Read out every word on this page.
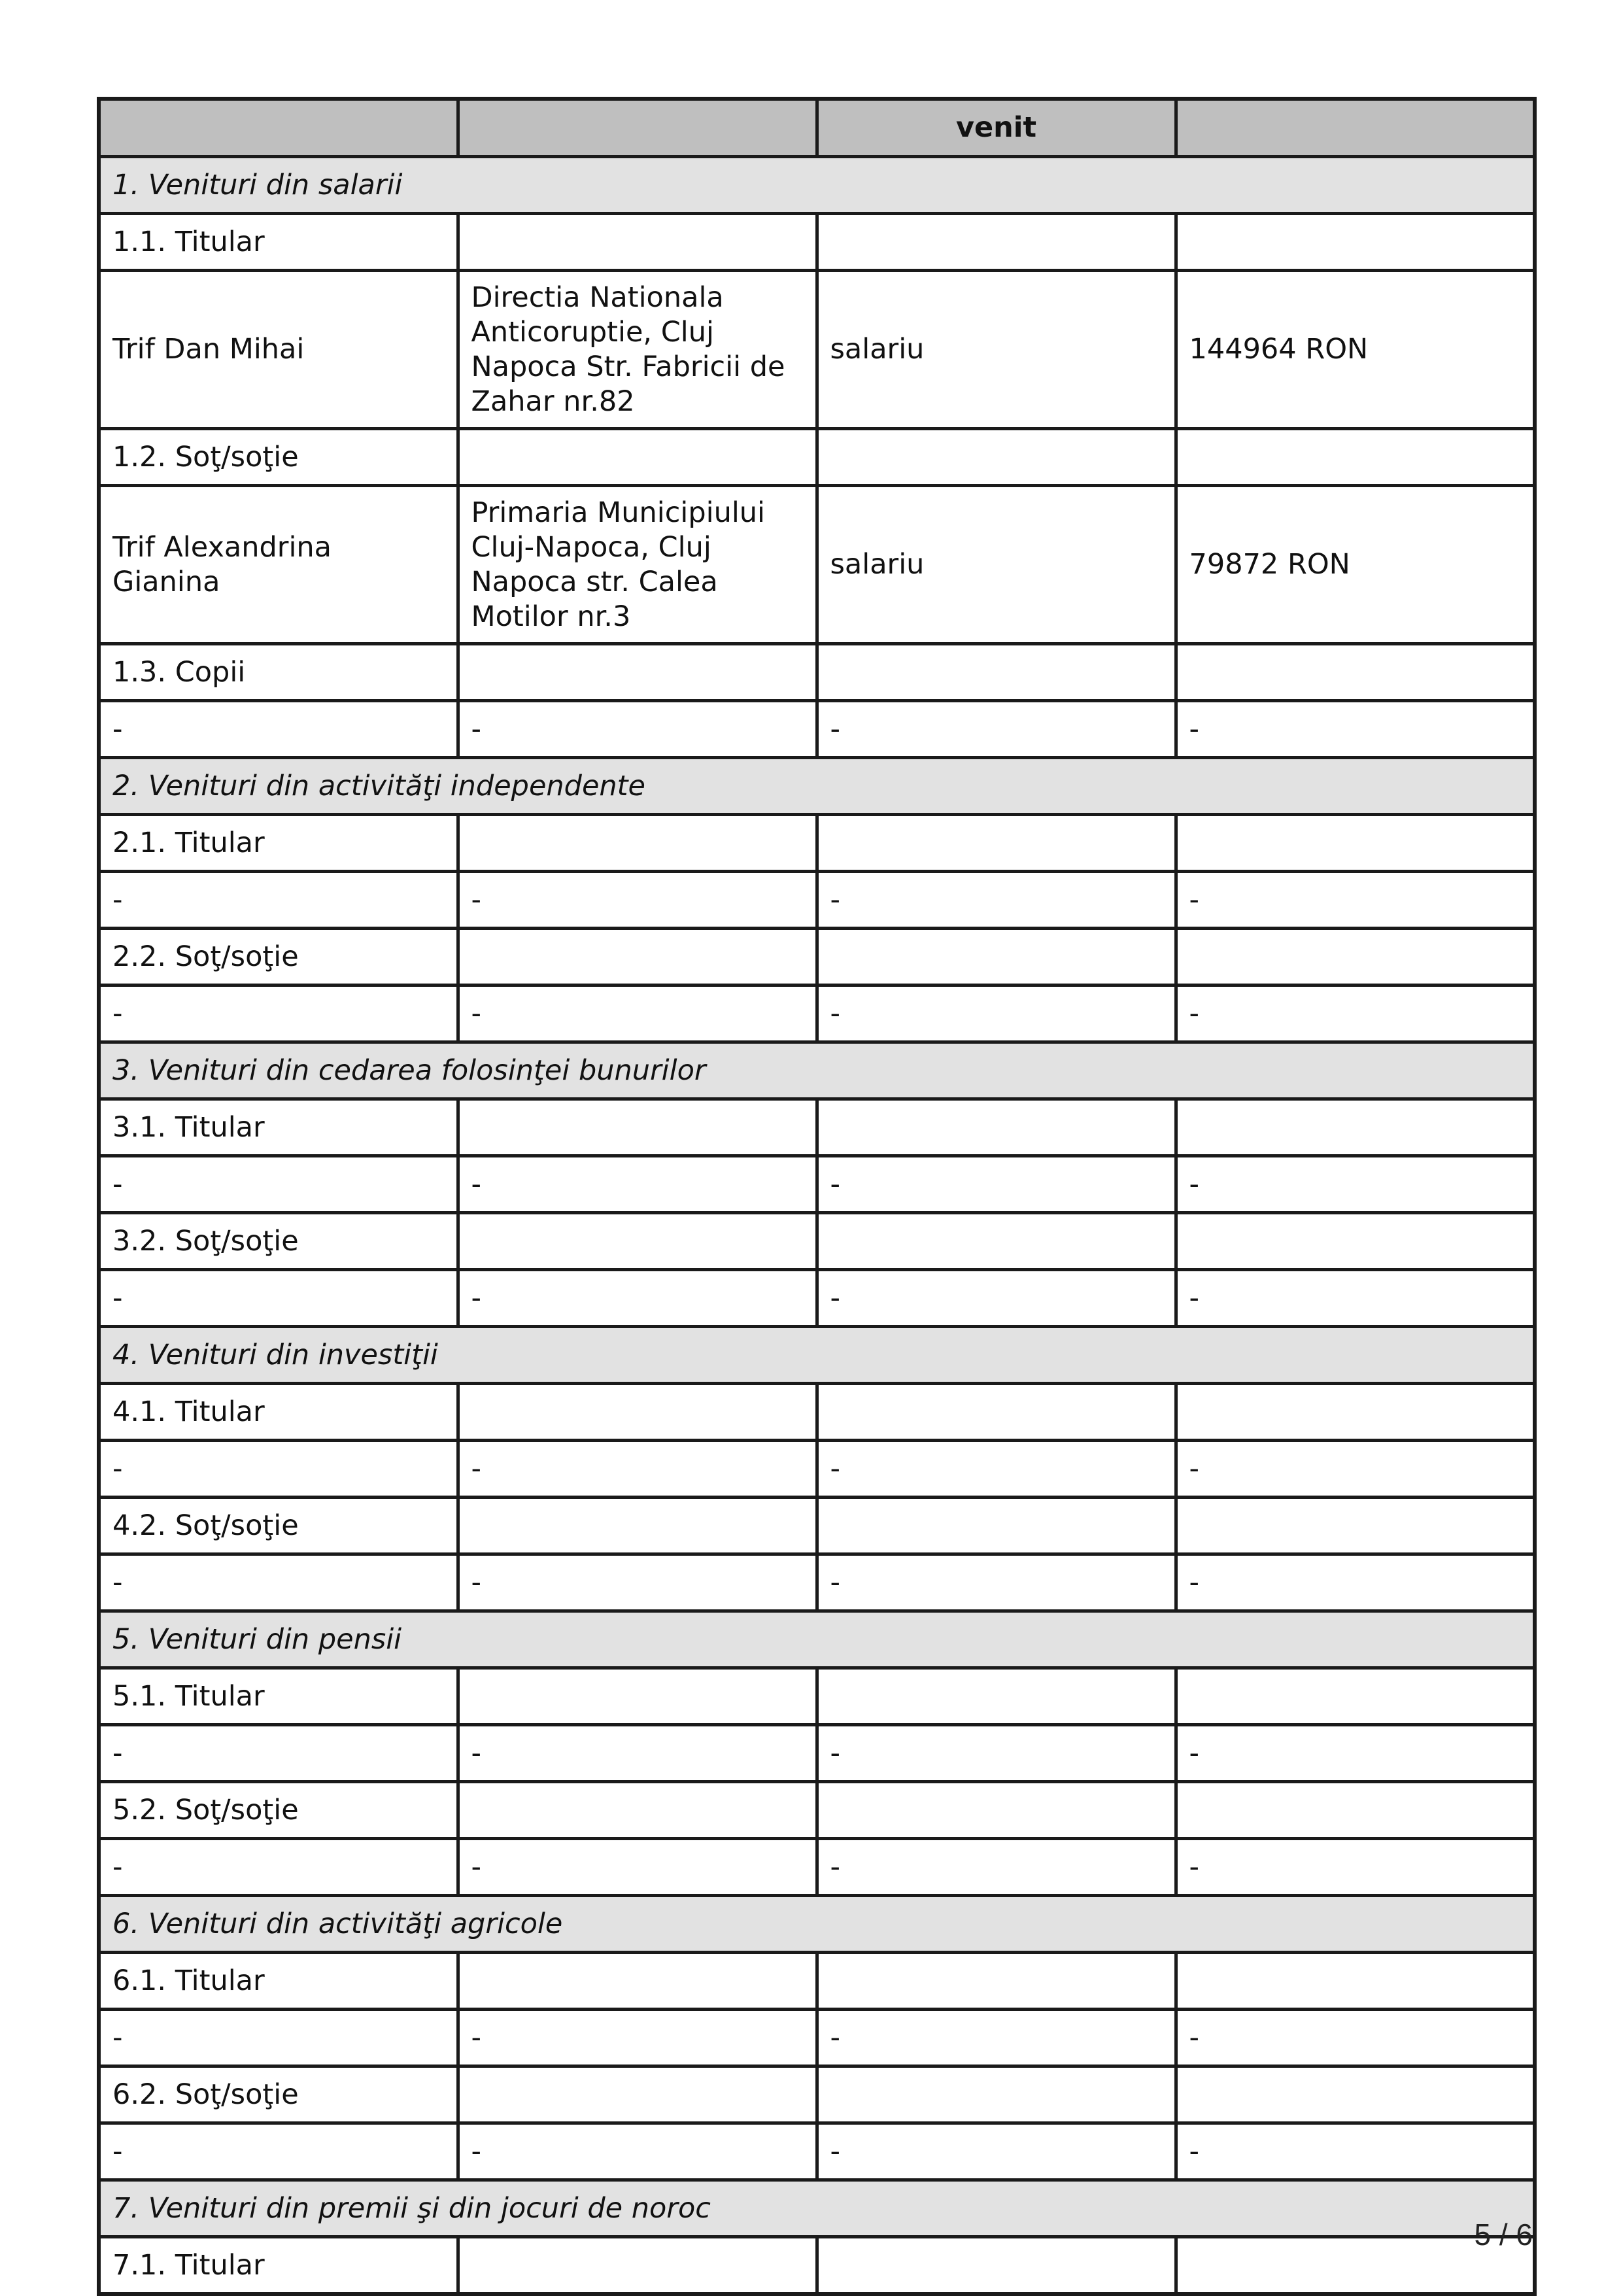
		venit	
1. Venituri din salarii			
1.1. Titular			
Trif Dan Mihai	Directia Nationala Anticoruptie, Cluj Napoca Str. Fabricii de Zahar nr.82	salariu	144964 RON
1.2. Soţ/soţie			
Trif Alexandrina Gianina	Primaria Municipiului Cluj-Napoca, Cluj Napoca str. Calea Motilor nr.3	salariu	79872 RON
1.3. Copii			
-	-	-	-
2. Venituri din activităţi independente			
2.1. Titular			
-	-	-	-
2.2. Soţ/soţie			
-	-	-	-
3. Venituri din cedarea folosinţei bunurilor			
3.1. Titular			
-	-	-	-
3.2. Soţ/soţie			
-	-	-	-
4. Venituri din investiţii			
4.1. Titular			
-	-	-	-
4.2. Soţ/soţie			
-	-	-	-
5. Venituri din pensii			
5.1. Titular			
-	-	-	-
5.2. Soţ/soţie			
-	-	-	-
6. Venituri din activităţi agricole			
6.1. Titular			
-	-	-	-
6.2. Soţ/soţie			
-	-	-	-
7. Venituri din premii şi din jocuri de noroc			
7.1. Titular			
5 / 6
